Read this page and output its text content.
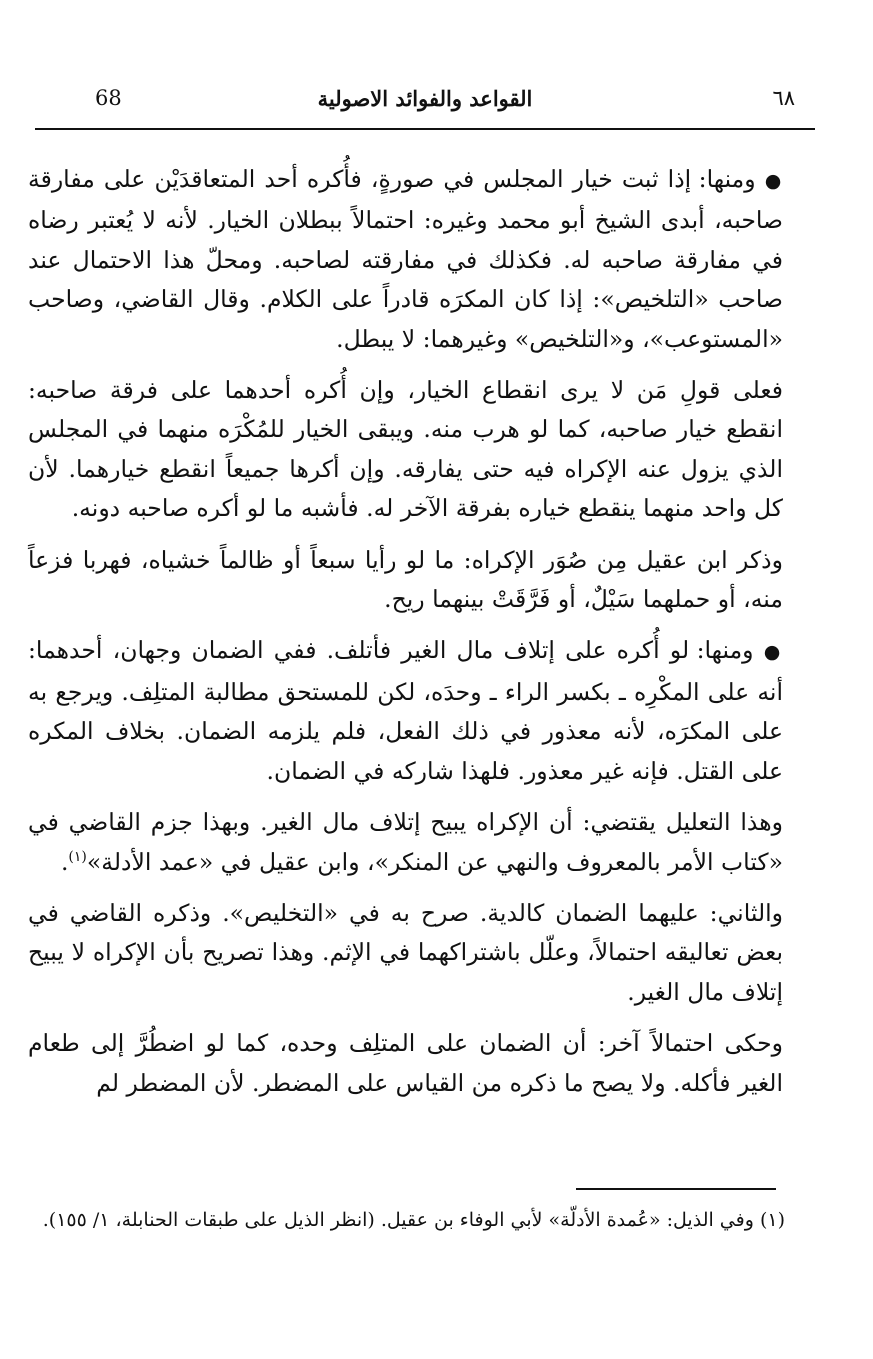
68	القواعد والفوائد الاصولية	٦٨

● ومنها: إذا ثبت خيار المجلس في صورةٍ، فأُكره أحد المتعاقدَيْن على مفارقة صاحبه، أبدى الشيخ أبو محمد وغيره: احتمالاً ببطلان الخيار. لأنه لا يُعتبر رضاه في مفارقة صاحبه له. فكذلك في مفارقته لصاحبه. ومحلّ هذا الاحتمال عند صاحب «التلخيص»: إذا كان المكرَه قادراً على الكلام. وقال القاضي، وصاحب «المستوعب»، و«التلخيص» وغيرهما: لا يبطل.

فعلى قولِ مَن لا يرى انقطاع الخيار، وإن أُكره أحدهما على فرقة صاحبه: انقطع خيار صاحبه، كما لو هرب منه. ويبقى الخيار للمُكْرَه منهما في المجلس الذي يزول عنه الإكراه فيه حتى يفارقه. وإن أكرها جميعاً انقطع خيارهما. لأن كل واحد منهما ينقطع خياره بفرقة الآخر له. فأشبه ما لو أكره صاحبه دونه.

وذكر ابن عقيل مِن صُوَر الإكراه: ما لو رأيا سبعاً أو ظالماً خشياه، فهربا فزعاً منه، أو حملهما سَيْلٌ، أو فَرَّقَتْ بينهما ريح.

● ومنها: لو أُكره على إتلاف مال الغير فأتلف. ففي الضمان وجهان، أحدهما: أنه على المكْرِه ـ بكسر الراء ـ وحدَه، لكن للمستحق مطالبة المتلِف. ويرجع به على المكرَه، لأنه معذور في ذلك الفعل، فلم يلزمه الضمان. بخلاف المكره على القتل. فإنه غير معذور. فلهذا شاركه في الضمان.

وهذا التعليل يقتضي: أن الإكراه يبيح إتلاف مال الغير. وبهذا جزم القاضي في «كتاب الأمر بالمعروف والنهي عن المنكر»، وابن عقيل في «عمد الأدلة»$^{(١)}$.

والثاني: عليهما الضمان كالدية. صرح به في «التخليص». وذكره القاضي في بعض تعاليقه احتمالاً، وعلّل باشتراكهما في الإثم. وهذا تصريح بأن الإكراه لا يبيح إتلاف مال الغير.

وحكى احتمالاً آخر: أن الضمان على المتلِف وحده، كما لو اضطُرَّ إلى طعام الغير فأكله. ولا يصح ما ذكره من القياس على المضطر. لأن المضطر لم

(١) وفي الذيل: «عُمدة الأدلّة» لأبي الوفاء بن عقيل. (انظر الذيل على طبقات الحنابلة، ١/ ١٥٥).
